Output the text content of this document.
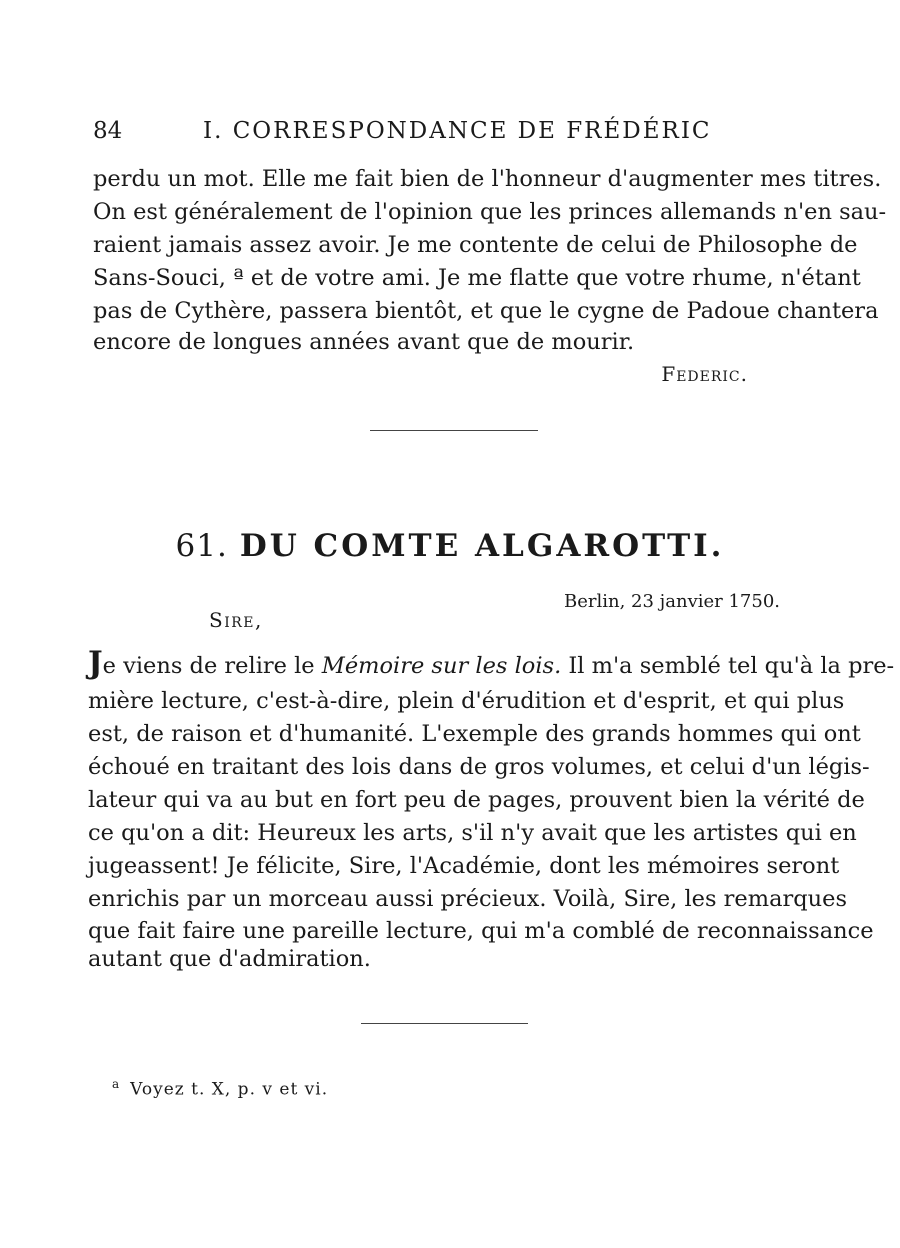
84	I. CORRESPONDANCE DE FRÉDÉRIC
perdu un mot. Elle me fait bien de l'honneur d'augmenter mes titres.
On est généralement de l'opinion que les princes allemands n'en sau-
raient jamais assez avoir. Je me contente de celui de Philosophe de
Sans-Souci, ª et de votre ami. Je me flatte que votre rhume, n'étant
pas de Cythère, passera bientôt, et que le cygne de Padoue chantera
encore de longues années avant que de mourir.
Federic.
61. DU COMTE ALGAROTTI.
Berlin, 23 janvier 1750.
Sire,
Je viens de relire le Mémoire sur les lois. Il m'a semblé tel qu'à la pre-
mière lecture, c'est-à-dire, plein d'érudition et d'esprit, et qui plus
est, de raison et d'humanité. L'exemple des grands hommes qui ont
échoué en traitant des lois dans de gros volumes, et celui d'un légis-
lateur qui va au but en fort peu de pages, prouvent bien la vérité de
ce qu'on a dit: Heureux les arts, s'il n'y avait que les artistes qui en
jugeassent! Je félicite, Sire, l'Académie, dont les mémoires seront
enrichis par un morceau aussi précieux. Voilà, Sire, les remarques
que fait faire une pareille lecture, qui m'a comblé de reconnaissance
autant que d'admiration.
$^a$ Voyez t. X, p. v et vi.
